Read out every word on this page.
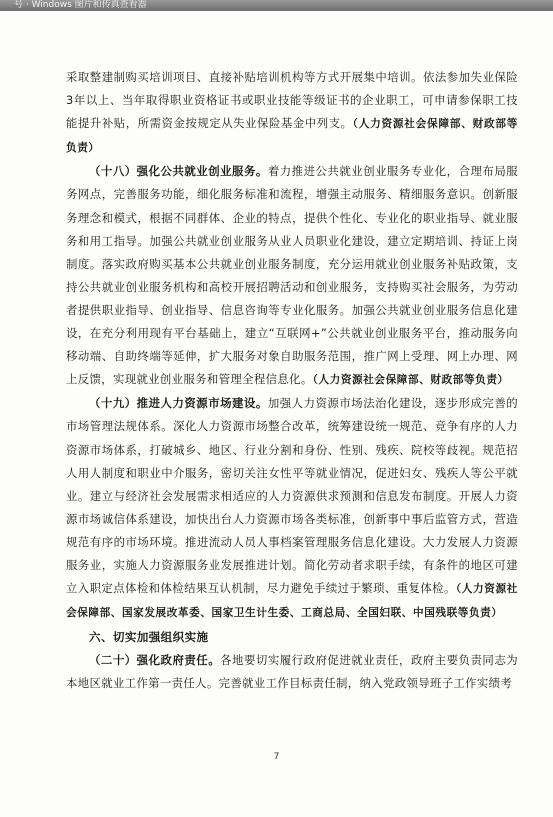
号 · Windows 图片和传真查看器

采取整建制购买培训项目、直接补贴培训机构等方式开展集中培训。依法参加失业保险3年以上、当年取得职业资格证书或职业技能等级证书的企业职工，可申请参保职工技能提升补贴，所需资金按规定从失业保险基金中列支。（人力资源社会保障部、财政部等负责）

（十八）强化公共就业创业服务。着力推进公共就业创业服务专业化，合理布局服务网点，完善服务功能，细化服务标准和流程，增强主动服务、精细服务意识。创新服务理念和模式，根据不同群体、企业的特点，提供个性化、专业化的职业指导、就业服务和用工指导。加强公共就业创业服务从业人员职业化建设，建立定期培训、持证上岗制度。落实政府购买基本公共就业创业服务制度，充分运用就业创业服务补贴政策，支持公共就业创业服务机构和高校开展招聘活动和创业服务，支持购买社会服务，为劳动者提供职业指导、创业指导、信息咨询等专业化服务。加强公共就业创业服务信息化建设，在充分利用现有平台基础上，建立“互联网+”公共就业创业服务平台，推动服务向移动端、自助终端等延伸，扩大服务对象自助服务范围，推广网上受理、网上办理、网上反馈，实现就业创业服务和管理全程信息化。（人力资源社会保障部、财政部等负责）

（十九）推进人力资源市场建设。加强人力资源市场法治化建设，逐步形成完善的市场管理法规体系。深化人力资源市场整合改革，统筹建设统一规范、竞争有序的人力资源市场体系，打破城乡、地区、行业分割和身份、性别、残疾、院校等歧视。规范招人用人制度和职业中介服务，密切关注女性平等就业情况，促进妇女、残疾人等公平就业。建立与经济社会发展需求相适应的人力资源供求预测和信息发布制度。开展人力资源市场诚信体系建设，加快出台人力资源市场各类标准，创新事中事后监管方式，营造规范有序的市场环境。推进流动人员人事档案管理服务信息化建设。大力发展人力资源服务业，实施人力资源服务业发展推进计划。简化劳动者求职手续，有条件的地区可建立入职定点体检和体检结果互认机制，尽力避免手续过于繁琐、重复体检。（人力资源社会保障部、国家发展改革委、国家卫生计生委、工商总局、全国妇联、中国残联等负责）

六、切实加强组织实施

（二十）强化政府责任。各地要切实履行政府促进就业责任，政府主要负责同志为本地区就业工作第一责任人。完善就业工作目标责任制，纳入党政领导班子工作实绩考

7
